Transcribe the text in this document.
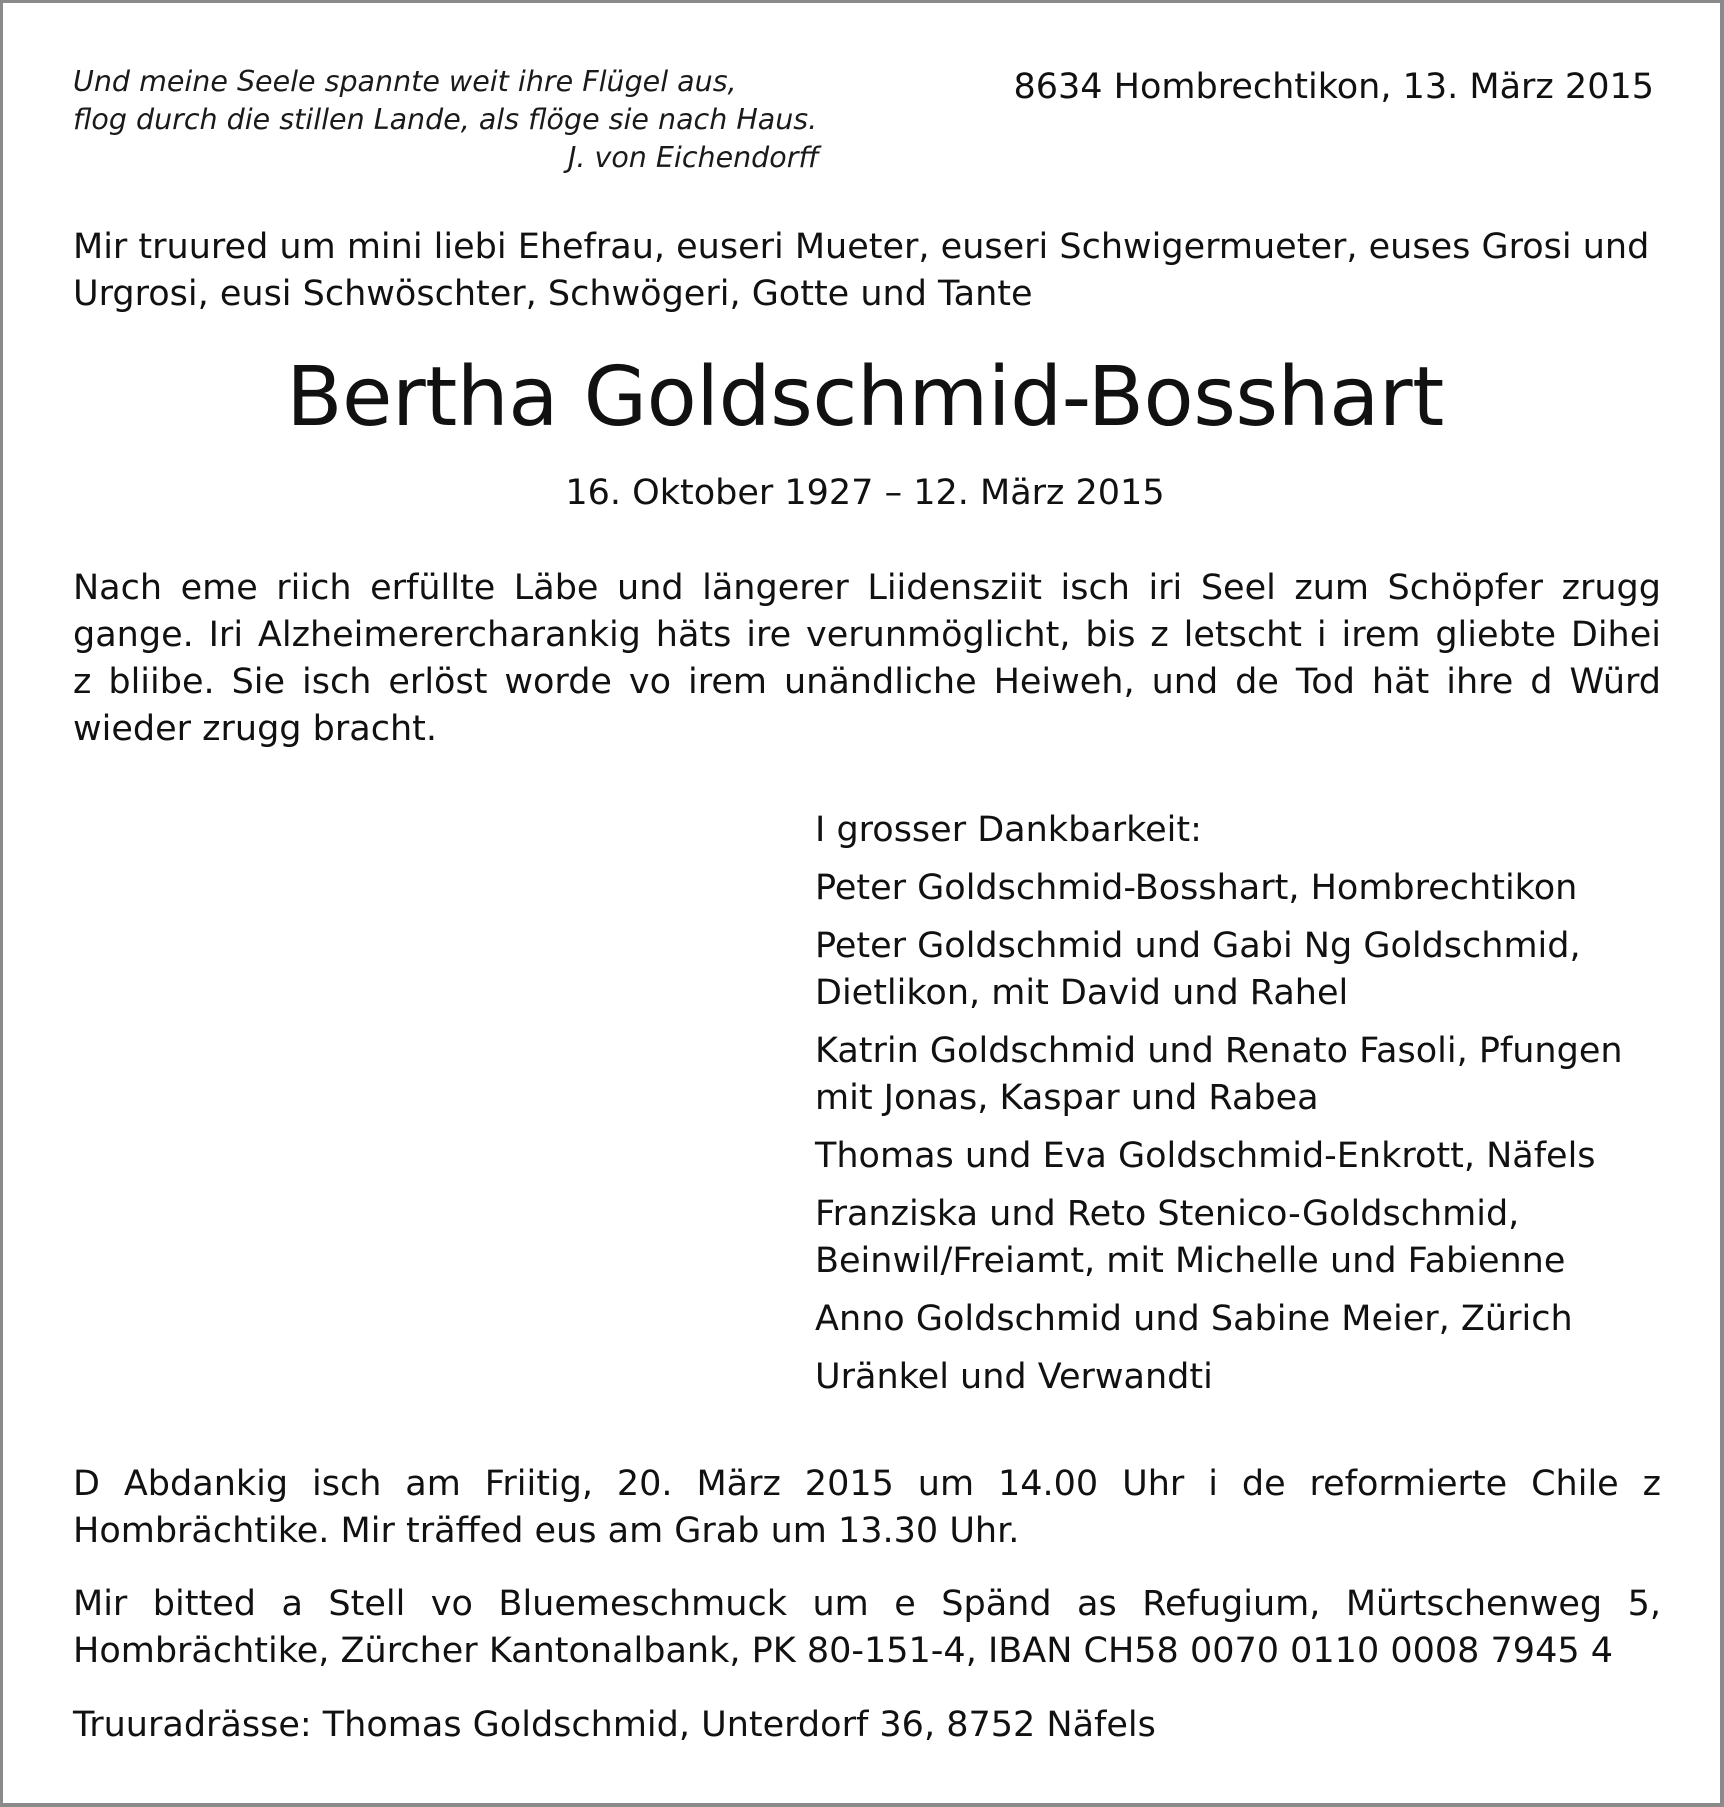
Und meine Seele spannte weit ihre Flügel aus,
flog durch die stillen Lande, als flöge sie nach Haus.
J. von Eichendorff
8634 Hombrechtikon, 13. März 2015
Mir truured um mini liebi Ehefrau, euseri Mueter, euseri Schwigermueter, euses Grosi und
Urgrosi, eusi Schwöschter, Schwögeri, Gotte und Tante
Bertha Goldschmid-Bosshart
16. Oktober 1927 – 12. März 2015
Nach eme riich erfüllte Läbe und längerer Liidensziit isch iri Seel zum Schöpfer zrugg
gange. Iri Alzheimerercharankig häts ire verunmöglicht, bis z letscht i irem gliebte Dihei
z bliibe. Sie isch erlöst worde vo irem unändliche Heiweh, und de Tod hät ihre d Würd
wieder zrugg bracht.
I grosser Dankbarkeit:
Peter Goldschmid-Bosshart, Hombrechtikon
Peter Goldschmid und Gabi Ng Goldschmid,
Dietlikon, mit David und Rahel
Katrin Goldschmid und Renato Fasoli, Pfungen
mit Jonas, Kaspar und Rabea
Thomas und Eva Goldschmid-Enkrott, Näfels
Franziska und Reto Stenico-Goldschmid,
Beinwil/Freiamt, mit Michelle und Fabienne
Anno Goldschmid und Sabine Meier, Zürich
Uränkel und Verwandti
D Abdankig isch am Friitig, 20. März 2015 um 14.00 Uhr i de reformierte Chile z
Hombrächtike. Mir träffed eus am Grab um 13.30 Uhr.
Mir bitted a Stell vo Bluemeschmuck um e Spänd as Refugium, Mürtschenweg 5,
Hombrächtike, Zürcher Kantonalbank, PK 80-151-4, IBAN CH58 0070 0110 0008 7945 4
Truuradrässe: Thomas Goldschmid, Unterdorf 36, 8752 Näfels
